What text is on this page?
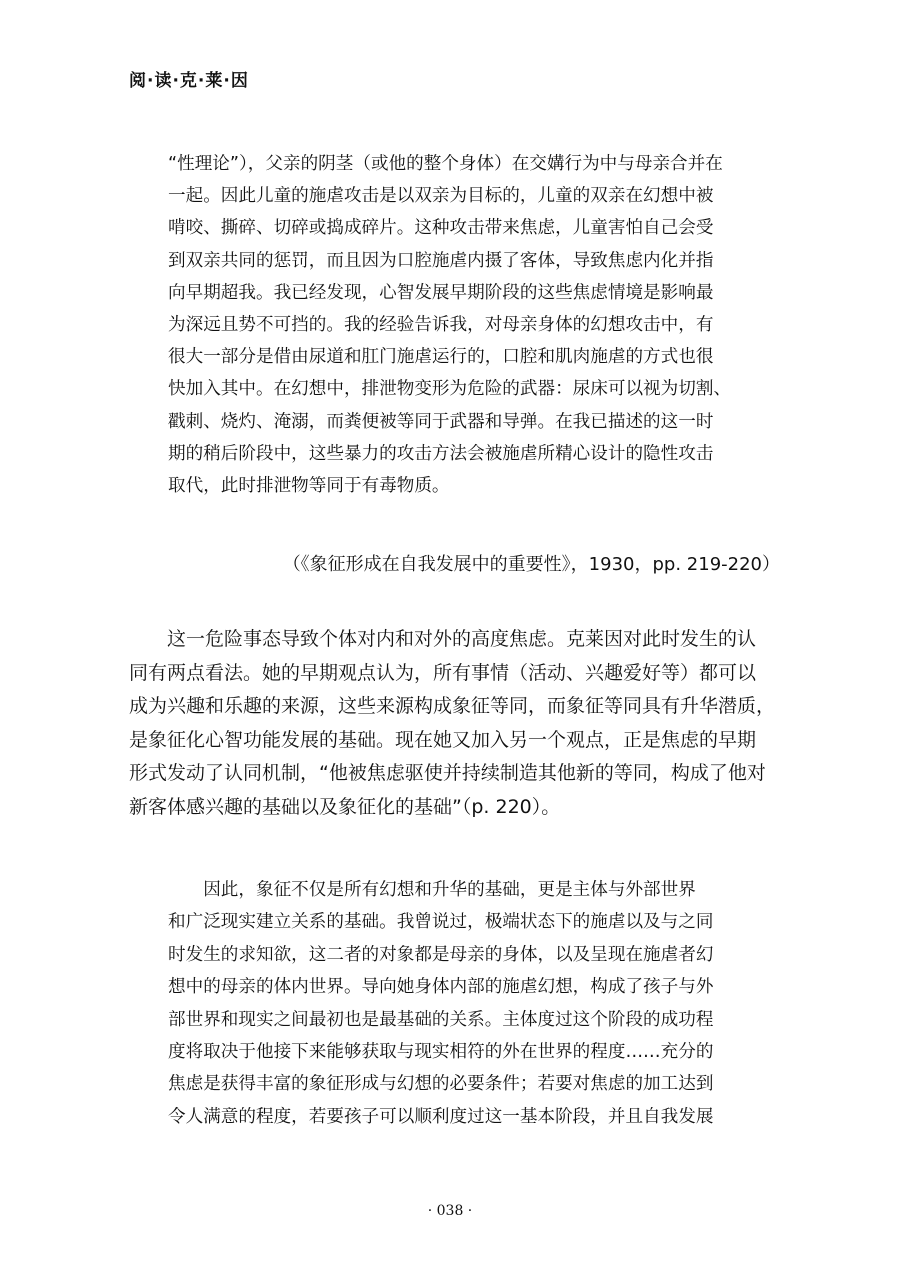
阅·读·克·莱·因
“性理论”），父亲的阴茎（或他的整个身体）在交媾行为中与母亲合并在
一起。因此儿童的施虐攻击是以双亲为目标的，儿童的双亲在幻想中被
啃咬、撕碎、切碎或捣成碎片。这种攻击带来焦虑，儿童害怕自己会受
到双亲共同的惩罚，而且因为口腔施虐内摄了客体，导致焦虑内化并指
向早期超我。我已经发现，心智发展早期阶段的这些焦虑情境是影响最
为深远且势不可挡的。我的经验告诉我，对母亲身体的幻想攻击中，有
很大一部分是借由尿道和肛门施虐运行的，口腔和肌肉施虐的方式也很
快加入其中。在幻想中，排泄物变形为危险的武器：尿床可以视为切割、
戳刺、烧灼、淹溺，而粪便被等同于武器和导弹。在我已描述的这一时
期的稍后阶段中，这些暴力的攻击方法会被施虐所精心设计的隐性攻击
取代，此时排泄物等同于有毒物质。
（《象征形成在自我发展中的重要性》，1930，pp. 219-220）
　　这一危险事态导致个体对内和对外的高度焦虑。克莱因对此时发生的认
同有两点看法。她的早期观点认为，所有事情（活动、兴趣爱好等）都可以
成为兴趣和乐趣的来源，这些来源构成象征等同，而象征等同具有升华潜质，
是象征化心智功能发展的基础。现在她又加入另一个观点，正是焦虑的早期
形式发动了认同机制，“他被焦虑驱使并持续制造其他新的等同，构成了他对
新客体感兴趣的基础以及象征化的基础”（p. 220）。
　　因此，象征不仅是所有幻想和升华的基础，更是主体与外部世界
和广泛现实建立关系的基础。我曾说过，极端状态下的施虐以及与之同
时发生的求知欲，这二者的对象都是母亲的身体，以及呈现在施虐者幻
想中的母亲的体内世界。导向她身体内部的施虐幻想，构成了孩子与外
部世界和现实之间最初也是最基础的关系。主体度过这个阶段的成功程
度将取决于他接下来能够获取与现实相符的外在世界的程度……充分的
焦虑是获得丰富的象征形成与幻想的必要条件；若要对焦虑的加工达到
令人满意的程度，若要孩子可以顺利度过这一基本阶段，并且自我发展
· 038 ·
